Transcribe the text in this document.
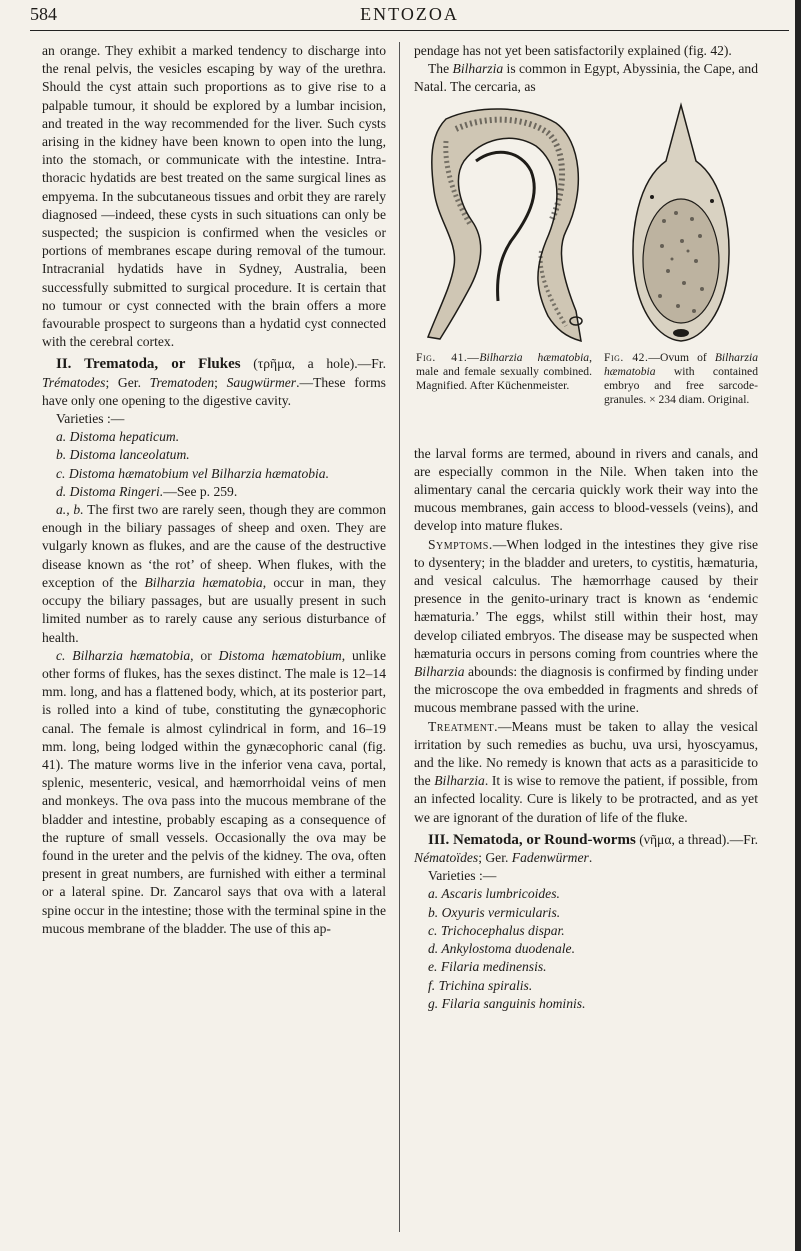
584	ENTOZOA

an orange. They exhibit a marked tendency to discharge into the renal pelvis, the vesicles escaping by way of the urethra. Should the cyst attain such proportions as to give rise to a palpable tumour, it should be explored by a lumbar incision, and treated in the way recommended for the liver. Such cysts arising in the kidney have been known to open into the lung, into the stomach, or communicate with the intestine. Intra-thoracic hydatids are best treated on the same surgical lines as empyema. In the subcutaneous tissues and orbit they are rarely diagnosed —indeed, these cysts in such situations can only be suspected; the suspicion is confirmed when the vesicles or portions of membranes escape during removal of the tumour. Intracranial hydatids have in Sydney, Australia, been successfully submitted to surgical procedure. It is certain that no tumour or cyst connected with the brain offers a more favourable prospect to surgeons than a hydatid cyst connected with the cerebral cortex.

II. Trematoda, or Flukes (τρῆμα, a hole).—Fr. Trématodes; Ger. Trematoden; Saugwürmer.—These forms have only one opening to the digestive cavity.

Varieties :—

a. Distoma hepaticum.

b. Distoma lanceolatum.

c. Distoma hæmatobium vel Bilharzia hæmatobia.

d. Distoma Ringeri.—See p. 259.

a., b. The first two are rarely seen, though they are common enough in the biliary passages of sheep and oxen. They are vulgarly known as flukes, and are the cause of the destructive disease known as ‘the rot’ of sheep. When flukes, with the exception of the Bilharzia hæmatobia, occur in man, they occupy the biliary passages, but are usually present in such limited number as to rarely cause any serious disturbance of health.

c. Bilharzia hæmatobia, or Distoma hæmatobium, unlike other forms of flukes, has the sexes distinct. The male is 12–14 mm. long, and has a flattened body, which, at its posterior part, is rolled into a kind of tube, constituting the gynæcophoric canal. The female is almost cylindrical in form, and 16–19 mm. long, being lodged within the gynæcophoric canal (fig. 41). The mature worms live in the inferior vena cava, portal, splenic, mesenteric, vesical, and hæmorrhoidal veins of men and monkeys. The ova pass into the mucous membrane of the bladder and intestine, probably escaping as a consequence of the rupture of small vessels. Occasionally the ova may be found in the ureter and the pelvis of the kidney. The ova, often present in great numbers, are furnished with either a terminal or a lateral spine. Dr. Zancarol says that ova with a lateral spine occur in the intestine; those with the terminal spine in the mucous membrane of the bladder. The use of this ap-

pendage has not yet been satisfactorily explained (fig. 42).

The Bilharzia is common in Egypt, Abyssinia, the Cape, and Natal. The cercaria, as

Fig. 41.—Bilharzia hæmatobia, male and female sexually combined. Magnified. After Küchenmeister.
Fig. 42.—Ovum of Bilharzia hæmatobia with contained embryo and free sarcode-granules. × 234 diam. Original.

the larval forms are termed, abound in rivers and canals, and are especially common in the Nile. When taken into the alimentary canal the cercaria quickly work their way into the mucous membranes, gain access to blood-vessels (veins), and develop into mature flukes.

Symptoms.—When lodged in the intestines they give rise to dysentery; in the bladder and ureters, to cystitis, hæmaturia, and vesical calculus. The hæmorrhage caused by their presence in the genito-urinary tract is known as ‘endemic hæmaturia.’ The eggs, whilst still within their host, may develop ciliated embryos. The disease may be suspected when hæmaturia occurs in persons coming from countries where the Bilharzia abounds: the diagnosis is confirmed by finding under the microscope the ova embedded in fragments and shreds of mucous membrane passed with the urine.

Treatment.—Means must be taken to allay the vesical irritation by such remedies as buchu, uva ursi, hyoscyamus, and the like. No remedy is known that acts as a parasiticide to the Bilharzia. It is wise to remove the patient, if possible, from an infected locality. Cure is likely to be protracted, and as yet we are ignorant of the duration of life of the fluke.

III. Nematoda, or Round-worms (νῆμα, a thread).—Fr. Nématoïdes; Ger. Fadenwürmer.

Varieties :—

a. Ascaris lumbricoides.

b. Oxyuris vermicularis.

c. Trichocephalus dispar.

d. Ankylostoma duodenale.

e. Filaria medinensis.

f. Trichina spiralis.

g. Filaria sanguinis hominis.
